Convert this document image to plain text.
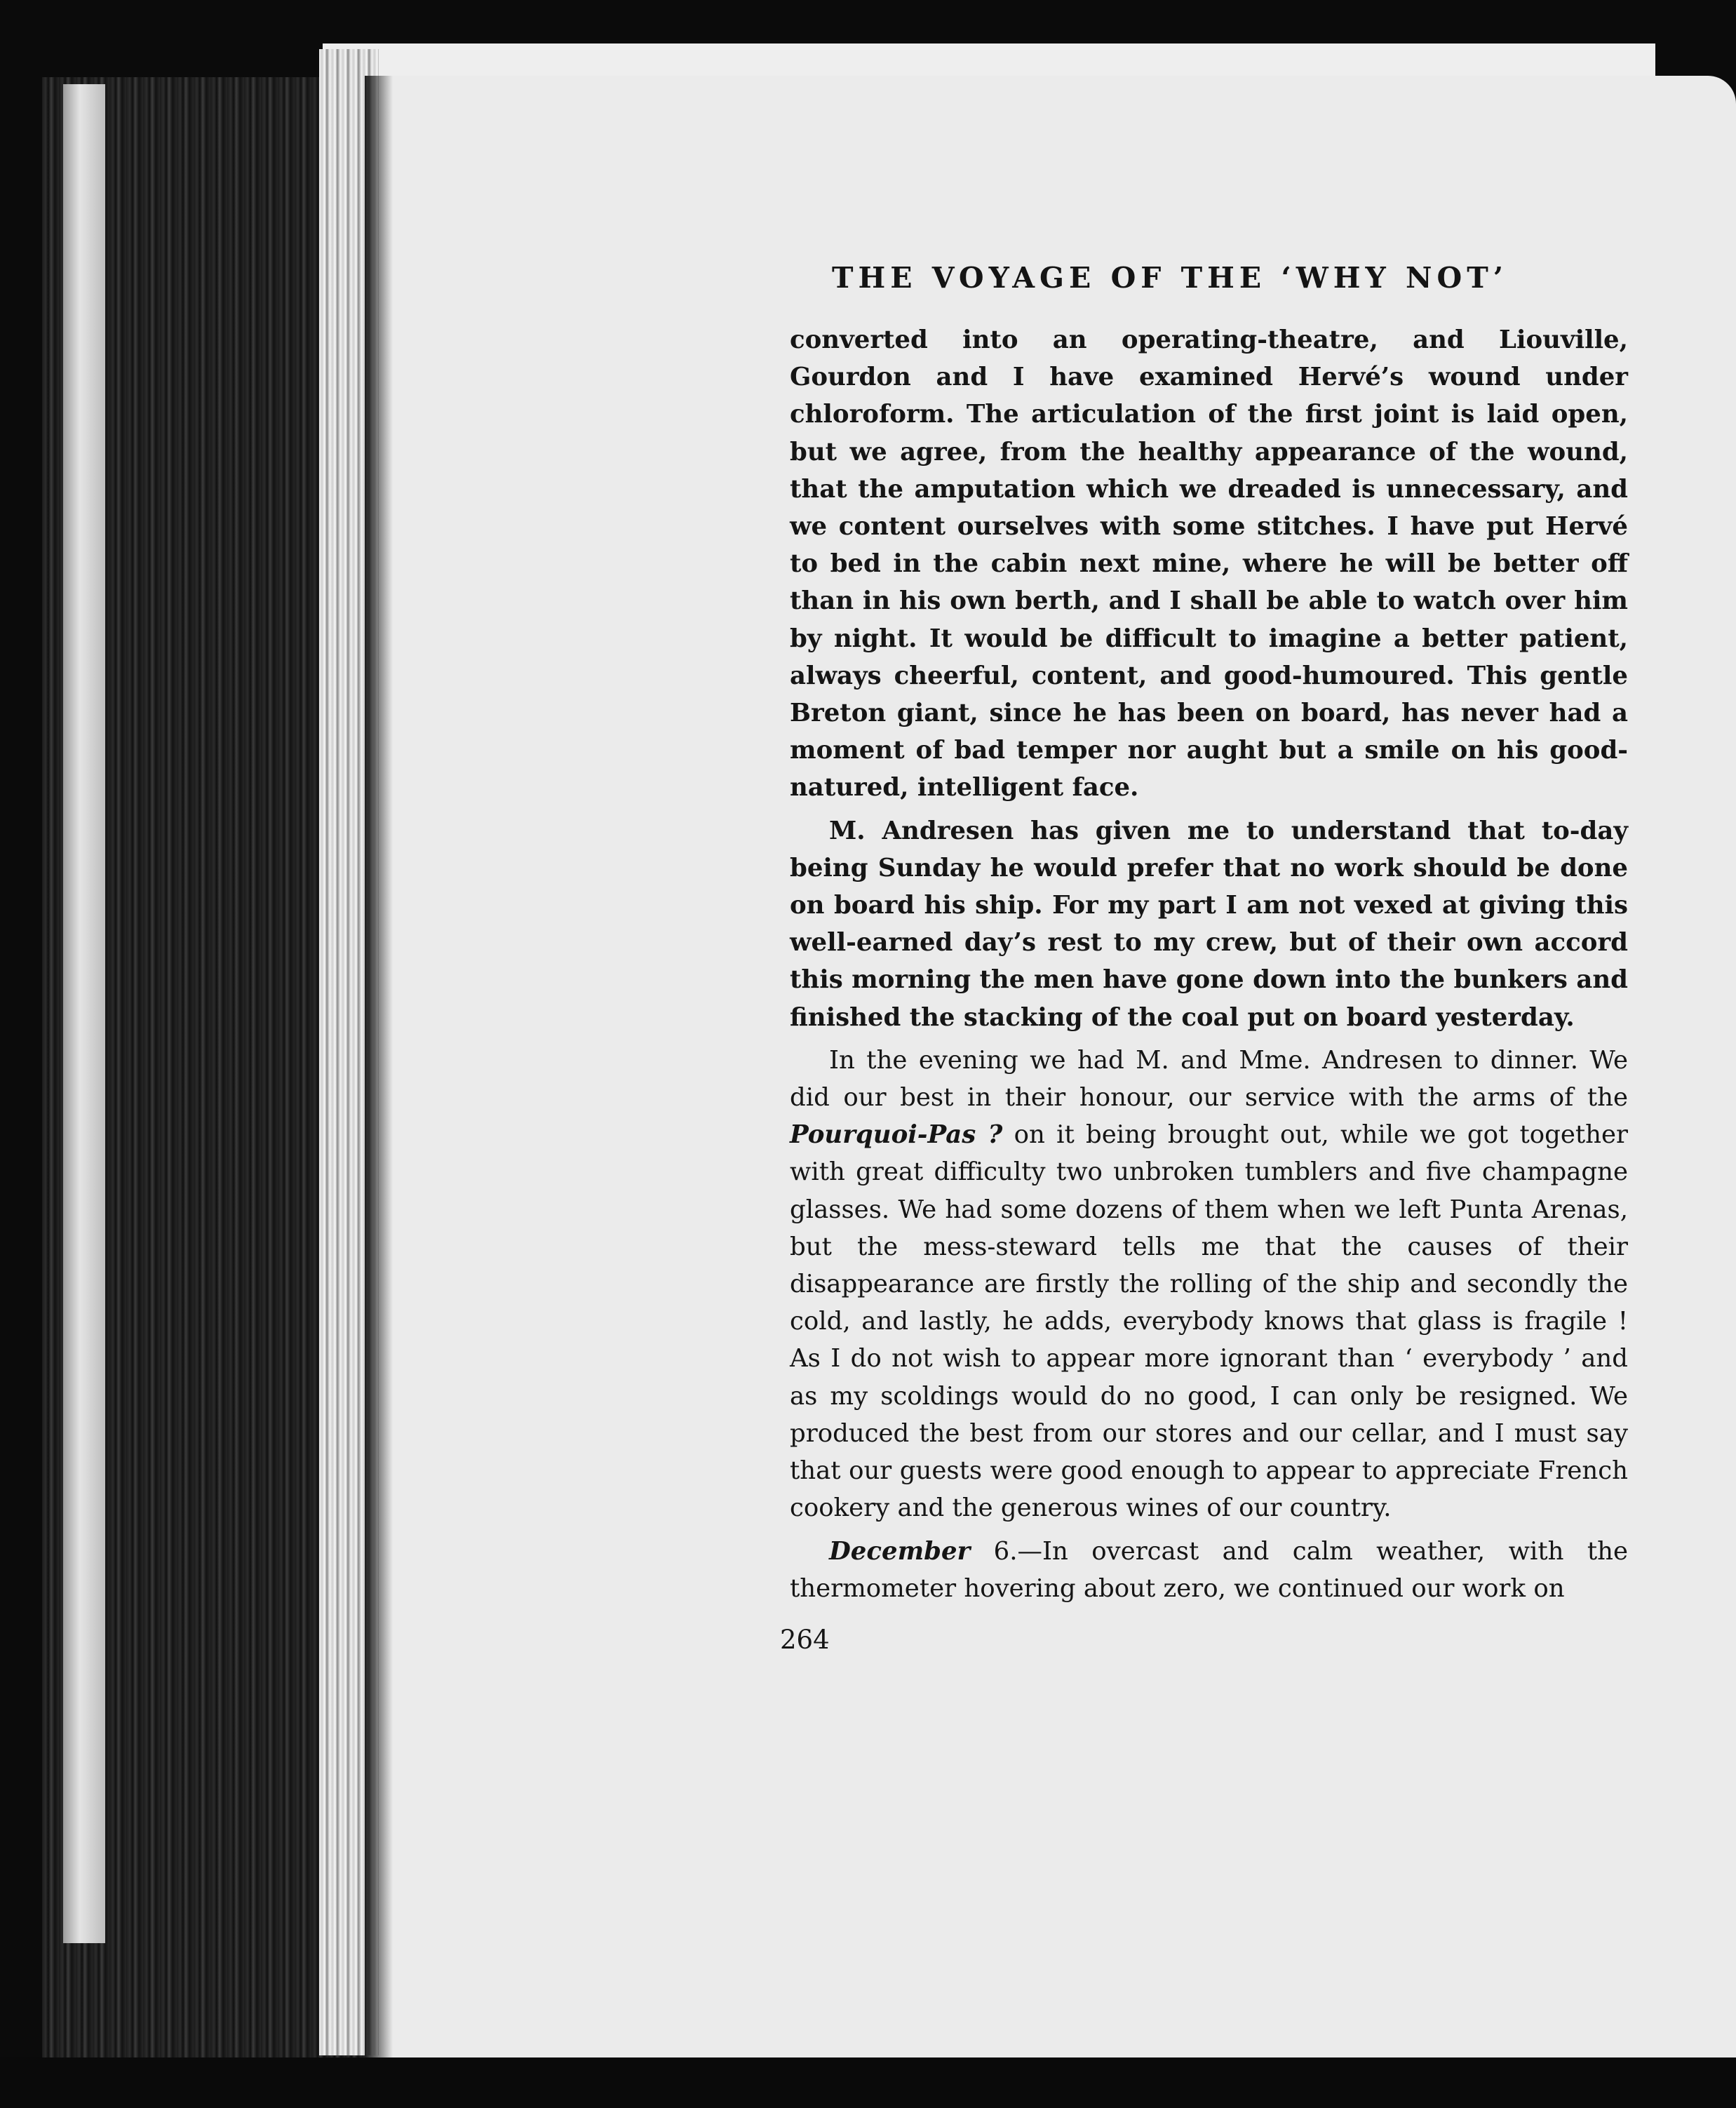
THE VOYAGE OF THE ‘WHY NOT’

converted into an operating-theatre, and Liouville, Gourdon and I have examined Hervé’s wound under chloroform. The articulation of the first joint is laid open, but we agree, from the healthy appearance of the wound, that the amputation which we dreaded is unnecessary, and we content ourselves with some stitches. I have put Hervé to bed in the cabin next mine, where he will be better off than in his own berth, and I shall be able to watch over him by night. It would be difficult to imagine a better patient, always cheerful, content, and good-humoured. This gentle Breton giant, since he has been on board, has never had a moment of bad temper nor aught but a smile on his good-natured, intelligent face.

M. Andresen has given me to understand that to-day being Sunday he would prefer that no work should be done on board his ship. For my part I am not vexed at giving this well-earned day’s rest to my crew, but of their own accord this morning the men have gone down into the bunkers and finished the stacking of the coal put on board yesterday.

In the evening we had M. and Mme. Andresen to dinner. We did our best in their honour, our service with the arms of the Pourquoi-Pas ? on it being brought out, while we got together with great difficulty two unbroken tumblers and five champagne glasses. We had some dozens of them when we left Punta Arenas, but the mess-steward tells me that the causes of their disappearance are firstly the rolling of the ship and secondly the cold, and lastly, he adds, everybody knows that glass is fragile ! As I do not wish to appear more ignorant than ‘ everybody ’ and as my scoldings would do no good, I can only be resigned. We produced the best from our stores and our cellar, and I must say that our guests were good enough to appear to appreciate French cookery and the generous wines of our country.

December 6.—In overcast and calm weather, with the thermometer hovering about zero, we continued our work on

264
